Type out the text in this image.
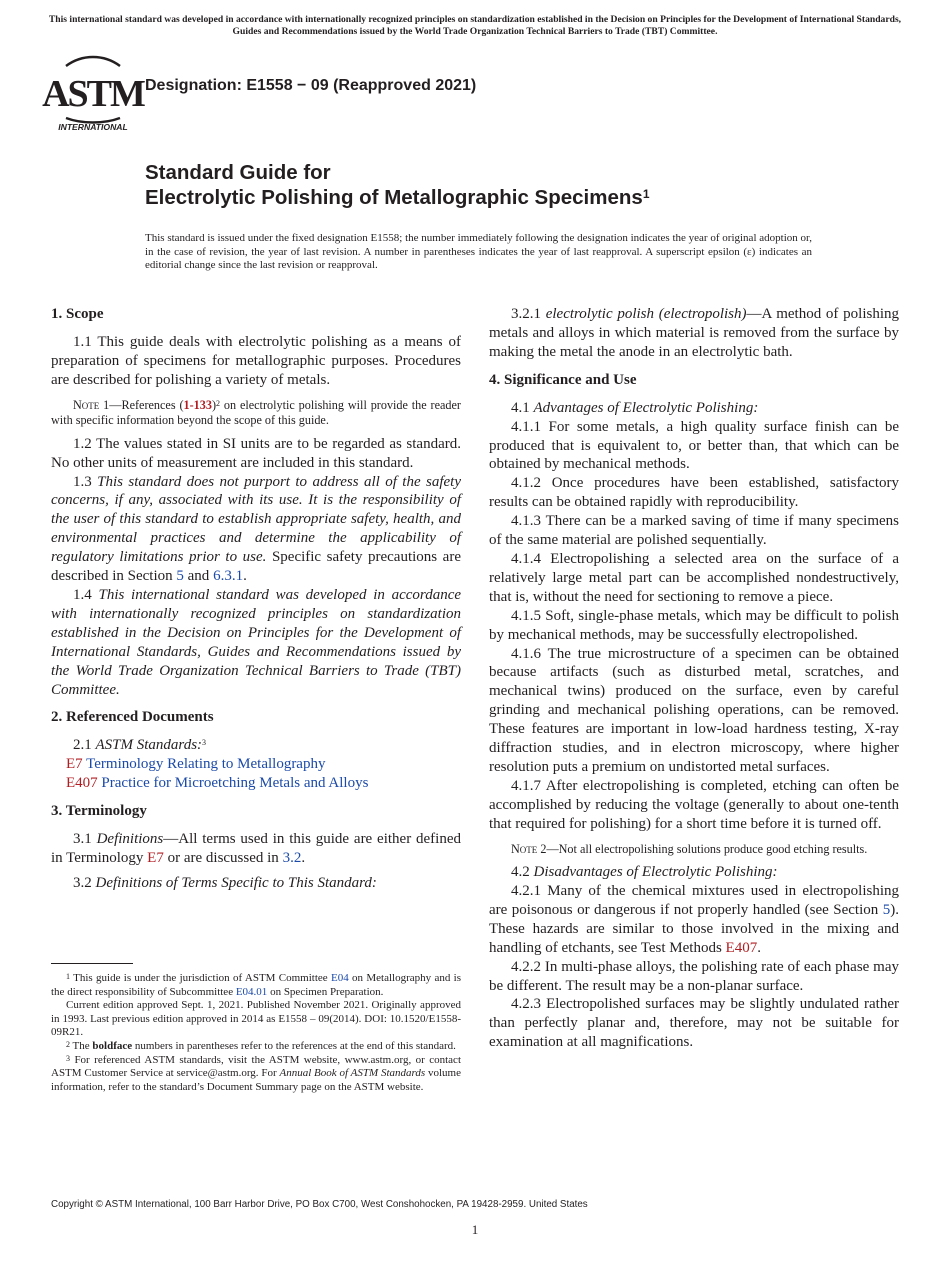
This international standard was developed in accordance with internationally recognized principles on standardization established in the Decision on Principles for the Development of International Standards, Guides and Recommendations issued by the World Trade Organization Technical Barriers to Trade (TBT) Committee.
ASTM
INTERNATIONAL
Designation: E1558 − 09 (Reapproved 2021)
Standard Guide for
Electrolytic Polishing of Metallographic Specimens$^1$
This standard is issued under the fixed designation E1558; the number immediately following the designation indicates the year of original adoption or, in the case of revision, the year of last revision. A number in parentheses indicates the year of last reapproval. A superscript epsilon (ε) indicates an editorial change since the last revision or reapproval.
1. Scope

1.1 This guide deals with electrolytic polishing as a means of preparation of specimens for metallographic purposes. Procedures are described for polishing a variety of metals.

Note 1—References $(1-133)^2$ on electrolytic polishing will provide the reader with specific information beyond the scope of this guide.

1.2 The values stated in SI units are to be regarded as standard. No other units of measurement are included in this standard.

1.3 This standard does not purport to address all of the safety concerns, if any, associated with its use. It is the responsibility of the user of this standard to establish appropriate safety, health, and environmental practices and determine the applicability of regulatory limitations prior to use. Specific safety precautions are described in Section 5 and 6.3.1.

1.4 This international standard was developed in accordance with internationally recognized principles on standardization established in the Decision on Principles for the Development of International Standards, Guides and Recommendations issued by the World Trade Organization Technical Barriers to Trade (TBT) Committee.

2. Referenced Documents

2.1 ASTM Standards:$^3$

E7 Terminology Relating to Metallography

E407 Practice for Microetching Metals and Alloys

3. Terminology

3.1 Definitions—All terms used in this guide are either defined in Terminology E7 or are discussed in 3.2.

3.2 Definitions of Terms Specific to This Standard:

$^1$ This guide is under the jurisdiction of ASTM Committee E04 on Metallography and is the direct responsibility of Subcommittee E04.01 on Specimen Preparation.

Current edition approved Sept. 1, 2021. Published November 2021. Originally approved in 1993. Last previous edition approved in 2014 as E1558 – 09(2014). DOI: 10.1520/E1558-09R21.

$^2$ The boldface numbers in parentheses refer to the references at the end of this standard.

$^3$ For referenced ASTM standards, visit the ASTM website, www.astm.org, or contact ASTM Customer Service at service@astm.org. For Annual Book of ASTM Standards volume information, refer to the standard’s Document Summary page on the ASTM website.

3.2.1 electrolytic polish (electropolish)—A method of polishing metals and alloys in which material is removed from the surface by making the metal the anode in an electrolytic bath.

4. Significance and Use

4.1 Advantages of Electrolytic Polishing:

4.1.1 For some metals, a high quality surface finish can be produced that is equivalent to, or better than, that which can be obtained by mechanical methods.

4.1.2 Once procedures have been established, satisfactory results can be obtained rapidly with reproducibility.

4.1.3 There can be a marked saving of time if many specimens of the same material are polished sequentially.

4.1.4 Electropolishing a selected area on the surface of a relatively large metal part can be accomplished nondestructively, that is, without the need for sectioning to remove a piece.

4.1.5 Soft, single-phase metals, which may be difficult to polish by mechanical methods, may be successfully electropolished.

4.1.6 The true microstructure of a specimen can be obtained because artifacts (such as disturbed metal, scratches, and mechanical twins) produced on the surface, even by careful grinding and mechanical polishing operations, can be removed. These features are important in low-load hardness testing, X-ray diffraction studies, and in electron microscopy, where higher resolution puts a premium on undistorted metal surfaces.

4.1.7 After electropolishing is completed, etching can often be accomplished by reducing the voltage (generally to about one-tenth that required for polishing) for a short time before it is turned off.

Note 2—Not all electropolishing solutions produce good etching results.

4.2 Disadvantages of Electrolytic Polishing:

4.2.1 Many of the chemical mixtures used in electropolishing are poisonous or dangerous if not properly handled (see Section 5). These hazards are similar to those involved in the mixing and handling of etchants, see Test Methods E407.

4.2.2 In multi-phase alloys, the polishing rate of each phase may be different. The result may be a non-planar surface.

4.2.3 Electropolished surfaces may be slightly undulated rather than perfectly planar and, therefore, may not be suitable for examination at all magnifications.

Copyright © ASTM International, 100 Barr Harbor Drive, PO Box C700, West Conshohocken, PA 19428-2959. United States
1
